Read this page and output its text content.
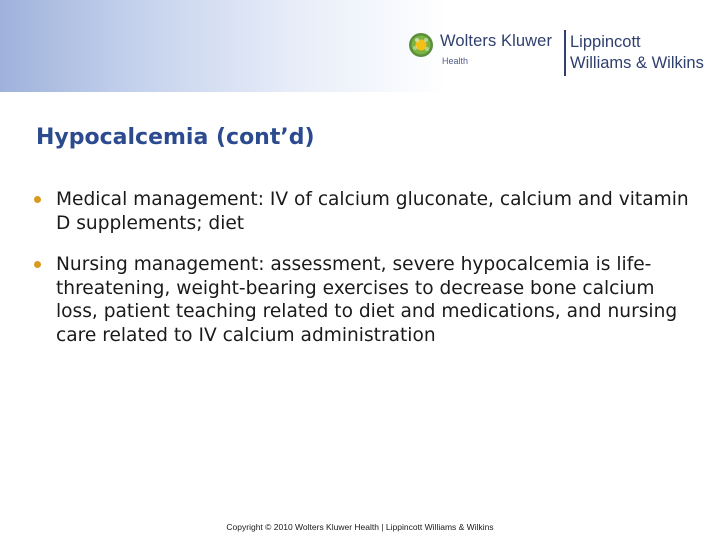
Wolters Kluwer
Health
Lippincott
Williams & Wilkins
Hypocalcemia (cont’d)
Medical management: IV of calcium gluconate, calcium and vitamin D supplements; diet
Nursing management: assessment, severe hypocalcemia is life-threatening, weight-bearing exercises to decrease bone calcium loss, patient teaching related to diet and medications, and nursing care related to IV calcium administration
Copyright © 2010 Wolters Kluwer Health | Lippincott Williams & Wilkins
